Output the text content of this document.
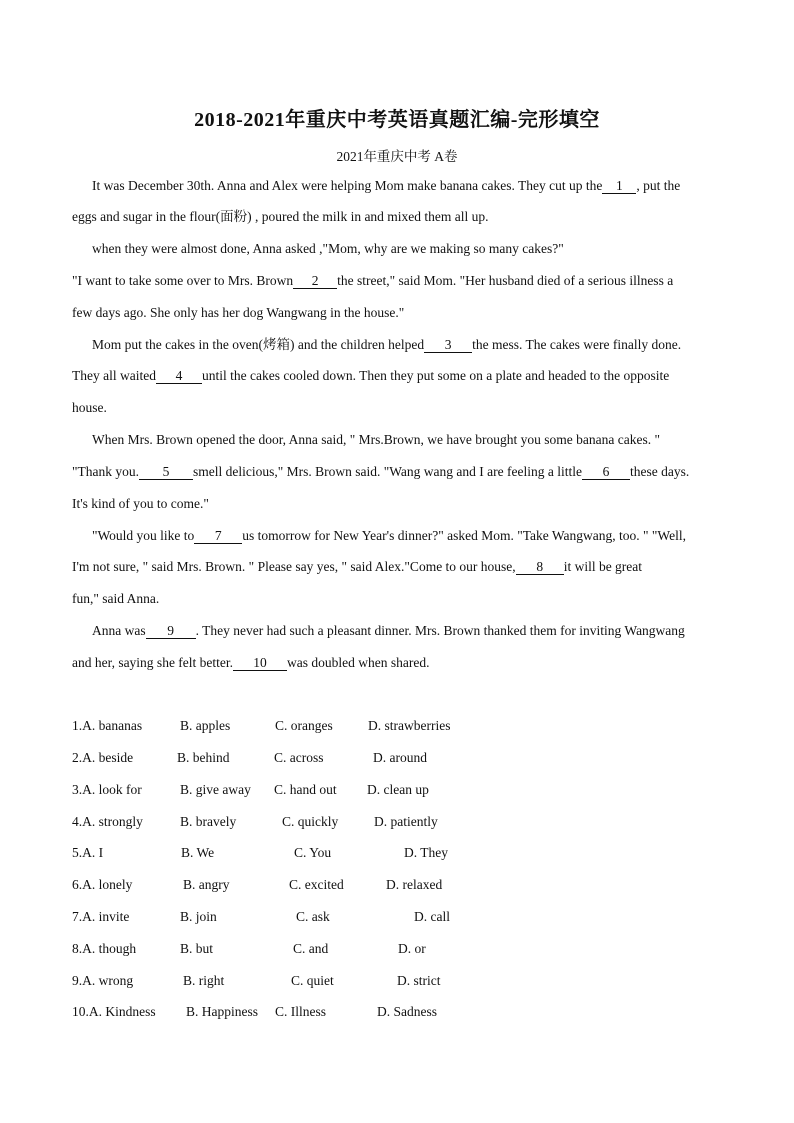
2018-2021年重庆中考英语真题汇编-完形填空
2021年重庆中考 A卷
It was December 30th. Anna and Alex were helping Mom make banana cakes. They cut up the 1 , put the
eggs and sugar in the flour(面粉) , poured the milk in and mixed them all up.
when they were almost done, Anna asked ,"Mom, why are we making so many cakes?"
"I want to take some over to Mrs. Brown 2 the street," said Mom. "Her husband died of a serious illness a
few days ago. She only has her dog Wangwang in the house."
Mom put the cakes in the oven(烤箱) and the children helped 3 the mess. The cakes were finally done.
They all waited 4 until the cakes cooled down. Then they put some on a plate and headed to the opposite
house.
When Mrs. Brown opened the door, Anna said, " Mrs.Brown, we have brought you some banana cakes. "
"Thank you. 5 smell delicious," Mrs. Brown said. "Wang wang and I are feeling a little 6 these days.
It's kind of you to come."
"Would you like to 7 us tomorrow for New Year's dinner?" asked Mom. "Take Wangwang, too. " "Well,
I'm not sure, " said Mrs. Brown. " Please say yes, " said Alex."Come to our house, 8 it will be great
fun," said Anna.
Anna was 9 . They never had such a pleasant dinner. Mrs. Brown thanked them for inviting Wangwang
and her, saying she felt better. 10 was doubled when shared.
1.A. bananas	B. apples	C. oranges	D. strawberries
2.A. beside	B. behind	C. across	D. around
3.A. look for	B. give away C. hand out D. clean up
4.A. strongly	B. bravely	C. quickly	D. patiently
5.A. I	B. We	C. You	D. They
6.A. lonely	B. angry	C. excited	D. relaxed
7.A. invite	B. join	C. ask	D. call
8.A. though	B. but	C. and	D. or
9.A. wrong	B. right	C. quiet	D. strict
10.A. Kindness B. Happiness C. Illness	D. Sadness
